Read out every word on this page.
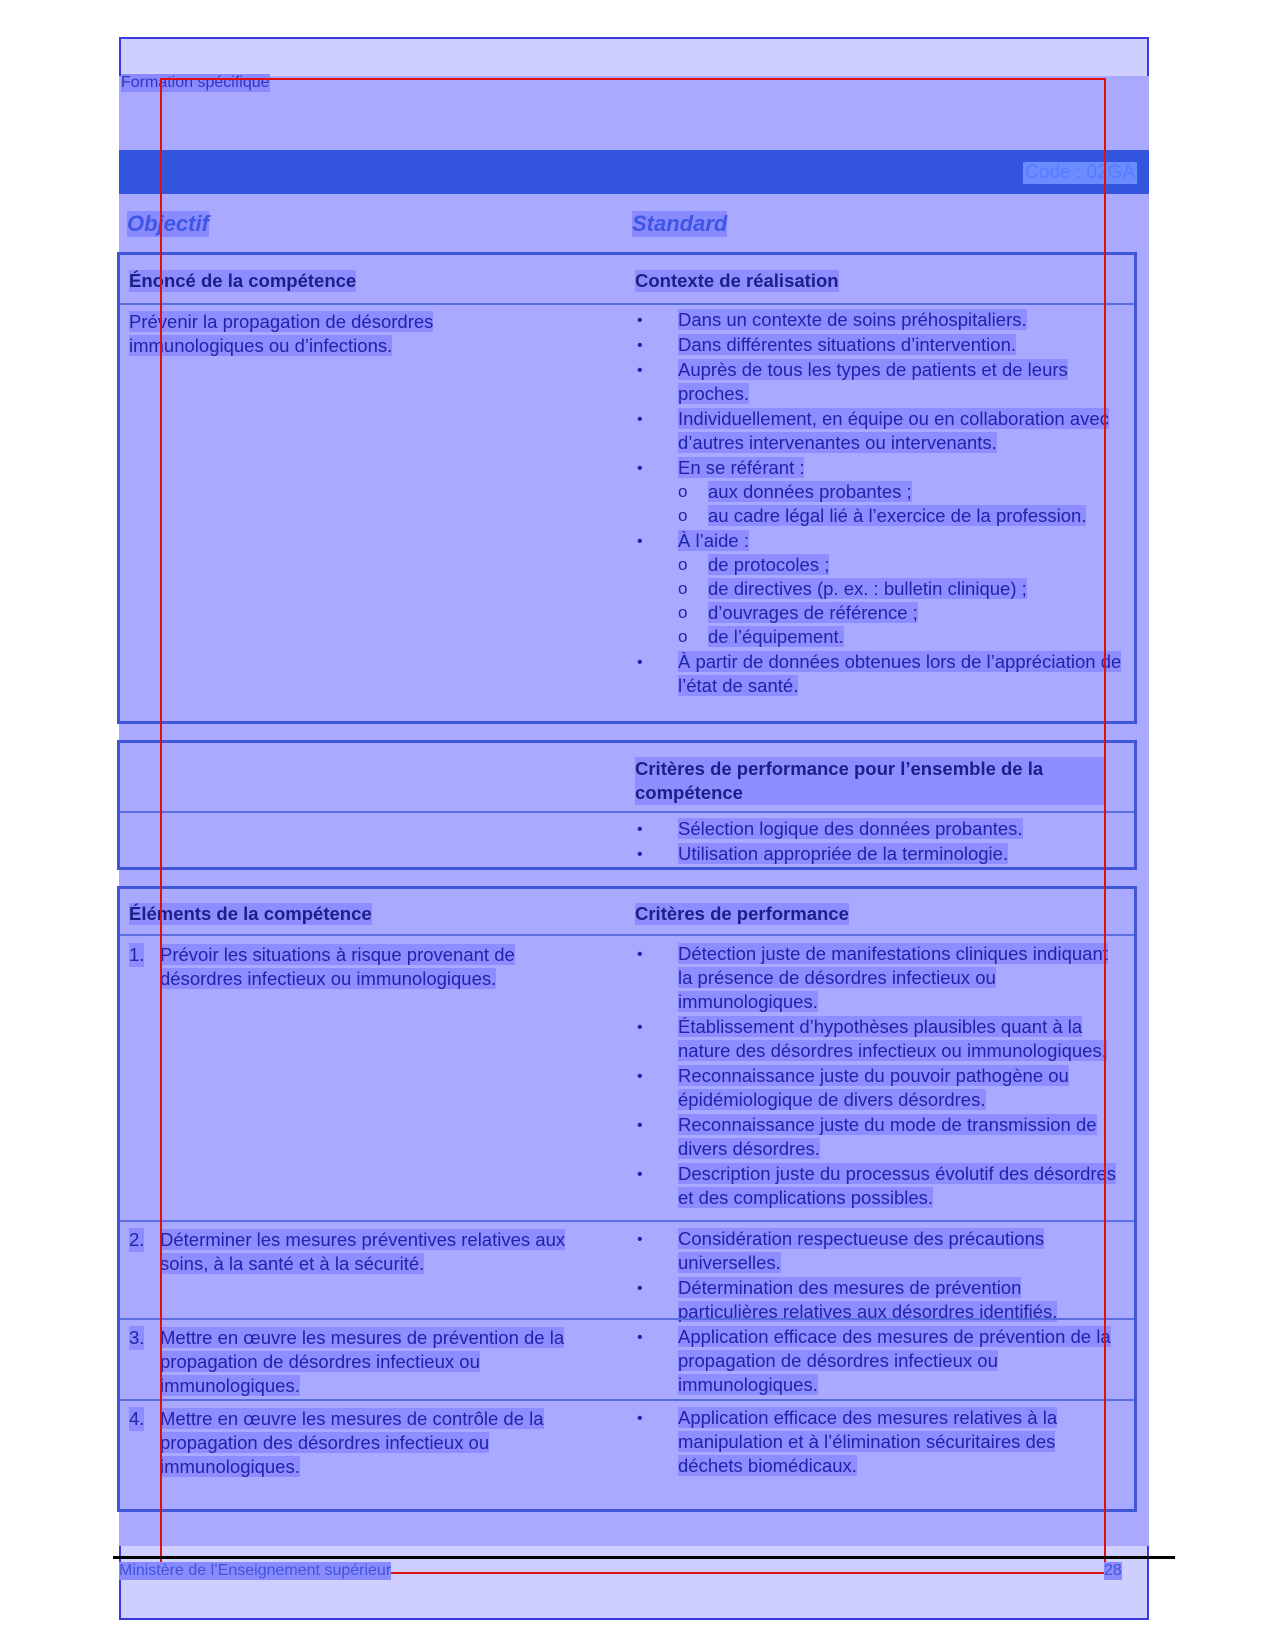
Formation spécifique
Code : 02GA
Objectif	Standard
Énoncé de la compétence	Contexte de réalisation
Prévenir la propagation de désordres immunologiques ou d’infections.
• Dans un contexte de soins préhospitaliers.
• Dans différentes situations d’intervention.
• Auprès de tous les types de patients et de leurs proches.
• Individuellement, en équipe ou en collaboration avec d’autres intervenantes ou intervenants.
• En se référant :
o aux données probantes ;
o au cadre légal lié à l’exercice de la profession.
• À l’aide :
o de protocoles ;
o de directives (p. ex. : bulletin clinique) ;
o d’ouvrages de référence ;
o de l’équipement.
• À partir de données obtenues lors de l’appréciation de l’état de santé.
Critères de performance pour l’ensemble de la compétence
• Sélection logique des données probantes.
• Utilisation appropriée de la terminologie.
Éléments de la compétence	Critères de performance
1. Prévoir les situations à risque provenant de désordres infectieux ou immunologiques.
• Détection juste de manifestations cliniques indiquant la présence de désordres infectieux ou immunologiques.
• Établissement d’hypothèses plausibles quant à la nature des désordres infectieux ou immunologiques.
• Reconnaissance juste du pouvoir pathogène ou épidémiologique de divers désordres.
• Reconnaissance juste du mode de transmission de divers désordres.
• Description juste du processus évolutif des désordres et des complications possibles.
2. Déterminer les mesures préventives relatives aux soins, à la santé et à la sécurité.
• Considération respectueuse des précautions universelles.
• Détermination des mesures de prévention particulières relatives aux désordres identifiés.
3. Mettre en œuvre les mesures de prévention de la propagation de désordres infectieux ou immunologiques.
• Application efficace des mesures de prévention de la propagation de désordres infectieux ou immunologiques.
4. Mettre en œuvre les mesures de contrôle de la propagation des désordres infectieux ou immunologiques.
• Application efficace des mesures relatives à la manipulation et à l’élimination sécuritaires des déchets biomédicaux.
Ministère de l’Enseignement supérieur	28
